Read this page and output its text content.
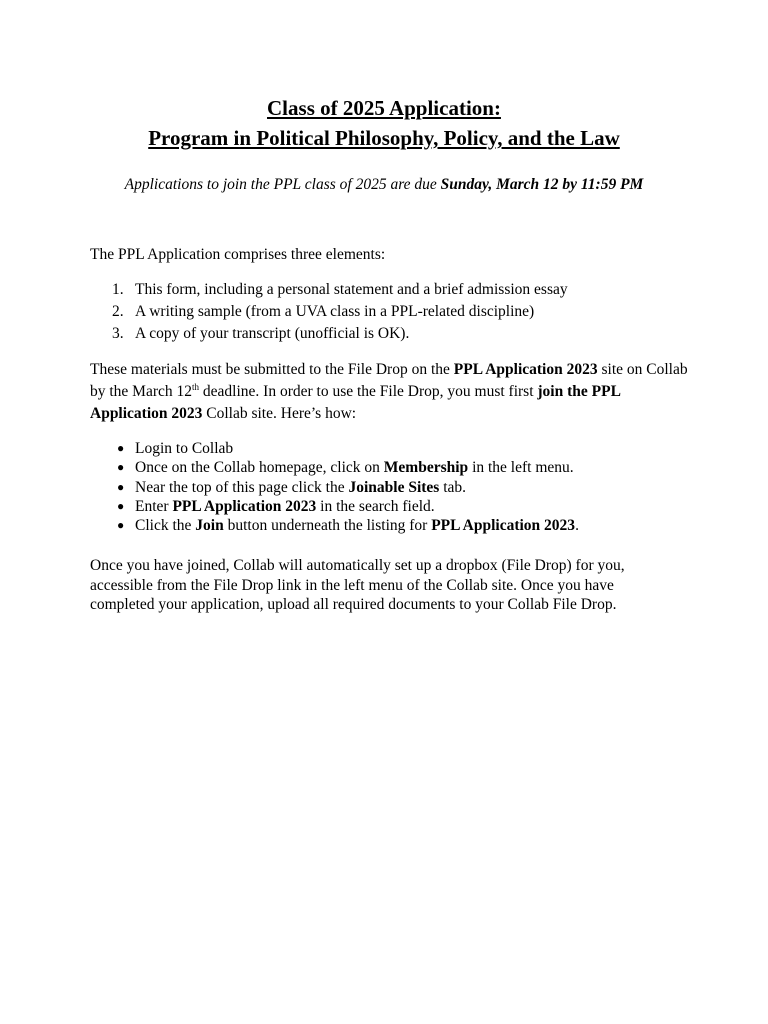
Class of 2025 Application:
Program in Political Philosophy, Policy, and the Law
Applications to join the PPL class of 2025 are due Sunday, March 12 by 11:59 PM
The PPL Application comprises three elements:
1. This form, including a personal statement and a brief admission essay
2. A writing sample (from a UVA class in a PPL-related discipline)
3. A copy of your transcript (unofficial is OK).
These materials must be submitted to the File Drop on the PPL Application 2023 site on Collab by the March 12th deadline. In order to use the File Drop, you must first join the PPL Application 2023 Collab site. Here’s how:
● Login to Collab
● Once on the Collab homepage, click on Membership in the left menu.
● Near the top of this page click the Joinable Sites tab.
● Enter PPL Application 2023 in the search field.
● Click the Join button underneath the listing for PPL Application 2023.
Once you have joined, Collab will automatically set up a dropbox (File Drop) for you,
accessible from the File Drop link in the left menu of the Collab site. Once you have
completed your application, upload all required documents to your Collab File Drop.
